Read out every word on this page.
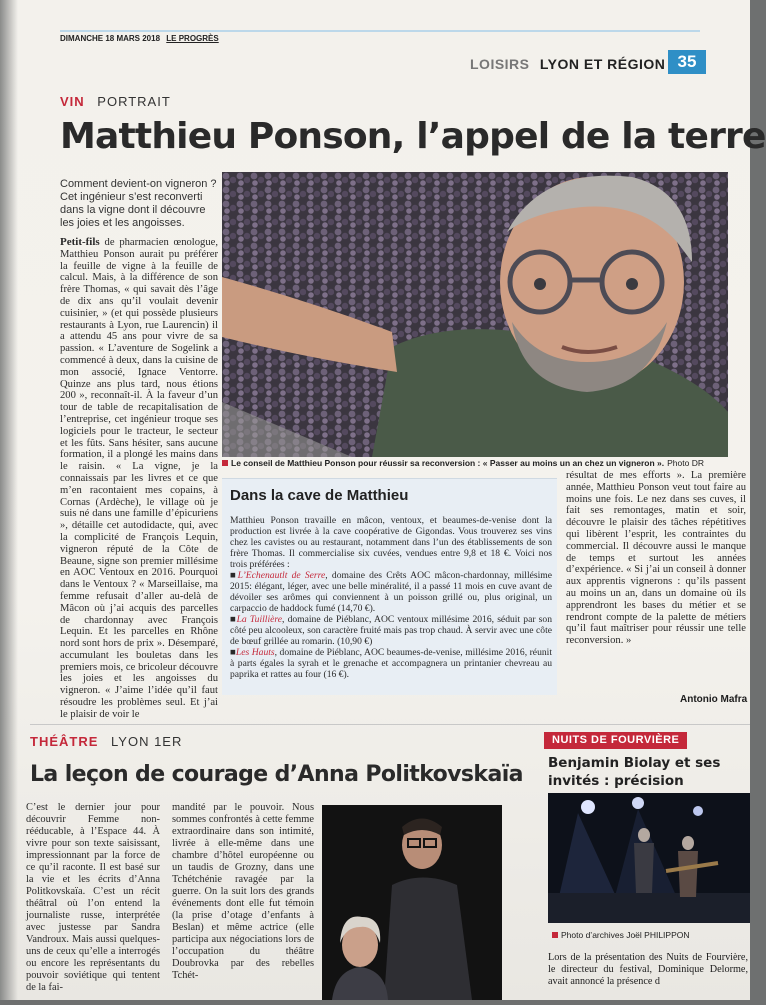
DIMANCHE 18 MARS 2018 LE PROGRÈS
LOISIRS LYON ET RÉGION 35
VIN PORTRAIT
Matthieu Ponson, l’appel de la terre
Comment devient-on vigneron ? Cet ingénieur s’est reconverti dans la vigne dont il découvre les joies et les angoisses.
Petit-fils de pharmacien œnologue, Matthieu Ponson aurait pu préférer la feuille de vigne à la feuille de calcul. Mais, à la différence de son frère Thomas, « qui savait dès l’âge de dix ans qu’il voulait devenir cuisinier, » (et qui possède plusieurs restaurants à Lyon, rue Laurencin) il a attendu 45 ans pour vivre de sa passion. « L’aventure de Sogelink a commencé à deux, dans la cuisine de mon associé, Ignace Ventorre. Quinze ans plus tard, nous étions 200 », reconnaît-il. À la faveur d’un tour de table de recapitalisation de l’entreprise, cet ingénieur troque ses logiciels pour le tracteur, le secteur et les fûts. Sans hésiter, sans aucune formation, il a plongé les mains dans le raisin. « La vigne, je la connaissais par les livres et ce que m’en racontaient mes copains, à Cornas (Ardèche), le village où je suis né dans une famille d’épicuriens », détaille cet autodidacte, qui, avec la complicité de François Lequin, vigneron réputé de la Côte de Beaune, signe son premier millésime en AOC Ventoux en 2016. Pourquoi dans le Ventoux ? « Marseillaise, ma femme refusait d’aller au-delà de Mâcon où j’ai acquis des parcelles de chardonnay avec François Lequin. Et les parcelles en Rhône nord sont hors de prix ». Désemparé, accumulant les bouletas dans les premiers mois, ce bricoleur découvre les joies et les angoisses du vigneron. « J’aime l’idée qu’il faut résoudre les problèmes seul. Et j’ai le plaisir de voir le
Le conseil de Matthieu Ponson pour réussir sa reconversion : « Passer au moins un an chez un vigneron ». Photo DR
Dans la cave de Matthieu

Matthieu Ponson travaille en mâcon, ventoux, et beaumes-de-venise dont la production est livrée à la cave coopérative de Gigondas. Vous trouverez ses vins chez les cavistes ou au restaurant, notamment dans l’un des établissements de son frère Thomas. Il commercialise six cuvées, vendues entre 9,8 et 18 €. Voici nos trois préférées :

■L’Echenautlt de Serre, domaine des Crêts AOC mâcon-chardonnay, millésime 2015: élégant, léger, avec une belle minéralité, il a passé 11 mois en cuve avant de dévoiler ses arômes qui conviennent à un poisson grillé ou, plus original, un carpaccio de haddock fumé (14,70 €).

■La Tuillière, domaine de Piéblanc, AOC ventoux millésime 2016, séduit par son côté peu alcooleux, son caractère fruité mais pas trop chaud. À servir avec une côte de bœuf grillée au romarin. (10,90 €)

■Les Hauts, domaine de Piéblanc, AOC beaumes-de-venise, millésime 2016, réunit à parts égales la syrah et le grenache et accompagnera un printanier chevreau au paprika et rattes au four (16 €).

résultat de mes efforts ». La première année, Matthieu Ponson veut tout faire au moins une fois. Le nez dans ses cuves, il fait ses remontages, matin et soir, découvre le plaisir des tâches répétitives qui libèrent l’esprit, les contraintes du commercial. Il découvre aussi le manque de temps et surtout les années d’expérience. « Si j’ai un conseil à donner aux apprentis vignerons : qu’ils passent au moins un an, dans un domaine où ils apprendront les bases du métier et se rendront compte de la palette de métiers qu’il faut maîtriser pour réussir une telle reconversion. »
Antonio Mafra
THÉÂTRE LYON 1ER
La leçon de courage d’Anna Politkovskaïa
C’est le dernier jour pour découvrir Femme non-rééducable, à l’Espace 44. À vivre pour son texte saisissant, impressionnant par la force de ce qu’il raconte. Il est basé sur la vie et les écrits d’Anna Politkovskaïa. C’est un récit théâtral où l’on entend la journaliste russe, interprétée avec justesse par Sandra Vandroux. Mais aussi quelques-uns de ceux qu’elle a interrogés ou encore les représentants du pouvoir soviétique qui tentent de la fai-
mandité par le pouvoir. Nous sommes confrontés à cette femme extraordinaire dans son intimité, livrée à elle-même dans une chambre d’hôtel européenne ou un taudis de Grozny, dans une Tchétchénie ravagée par la guerre. On la suit lors des grands événements dont elle fut témoin (la prise d’otage d’enfants à Beslan) et même actrice (elle participa aux négociations lors de l’occupation du théâtre Doubrovka par des rebelles Tchét-
NUITS DE FOURVIÈRE
Benjamin Biolay et ses invités : précision
Photo d’archives Joël PHILIPPON
Lors de la présentation des Nuits de Fourvière, le directeur du festival, Dominique Delorme, avait annoncé la présence d
